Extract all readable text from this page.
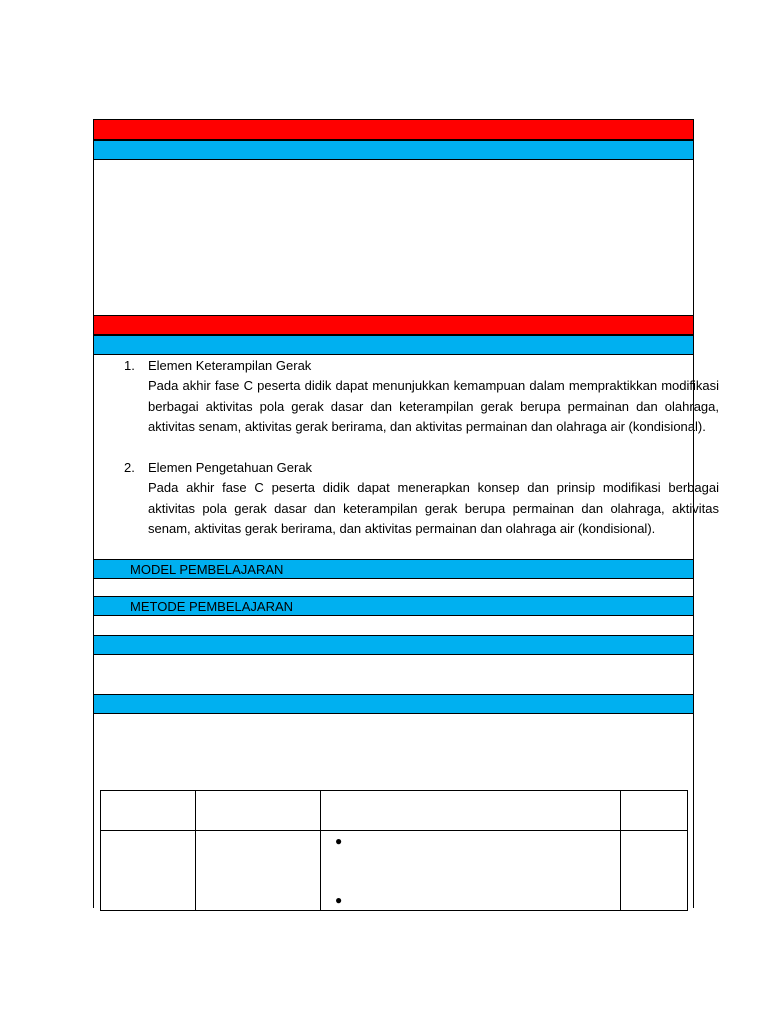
1. Elemen Keterampilan Gerak
Pada akhir fase C peserta didik dapat menunjukkan kemampuan dalam mempraktikkan modifikasi berbagai aktivitas pola gerak dasar dan keterampilan gerak berupa permainan dan olahraga, aktivitas senam, aktivitas gerak berirama, dan aktivitas permainan dan olahraga air (kondisional).
2. Elemen Pengetahuan Gerak
Pada akhir fase C peserta didik dapat menerapkan konsep dan prinsip modifikasi berbagai aktivitas pola gerak dasar dan keterampilan gerak berupa permainan dan olahraga, aktivitas senam, aktivitas gerak berirama, dan aktivitas permainan dan olahraga air (kondisional).
MODEL PEMBELAJARAN
METODE PEMBELAJARAN

		●
●	
